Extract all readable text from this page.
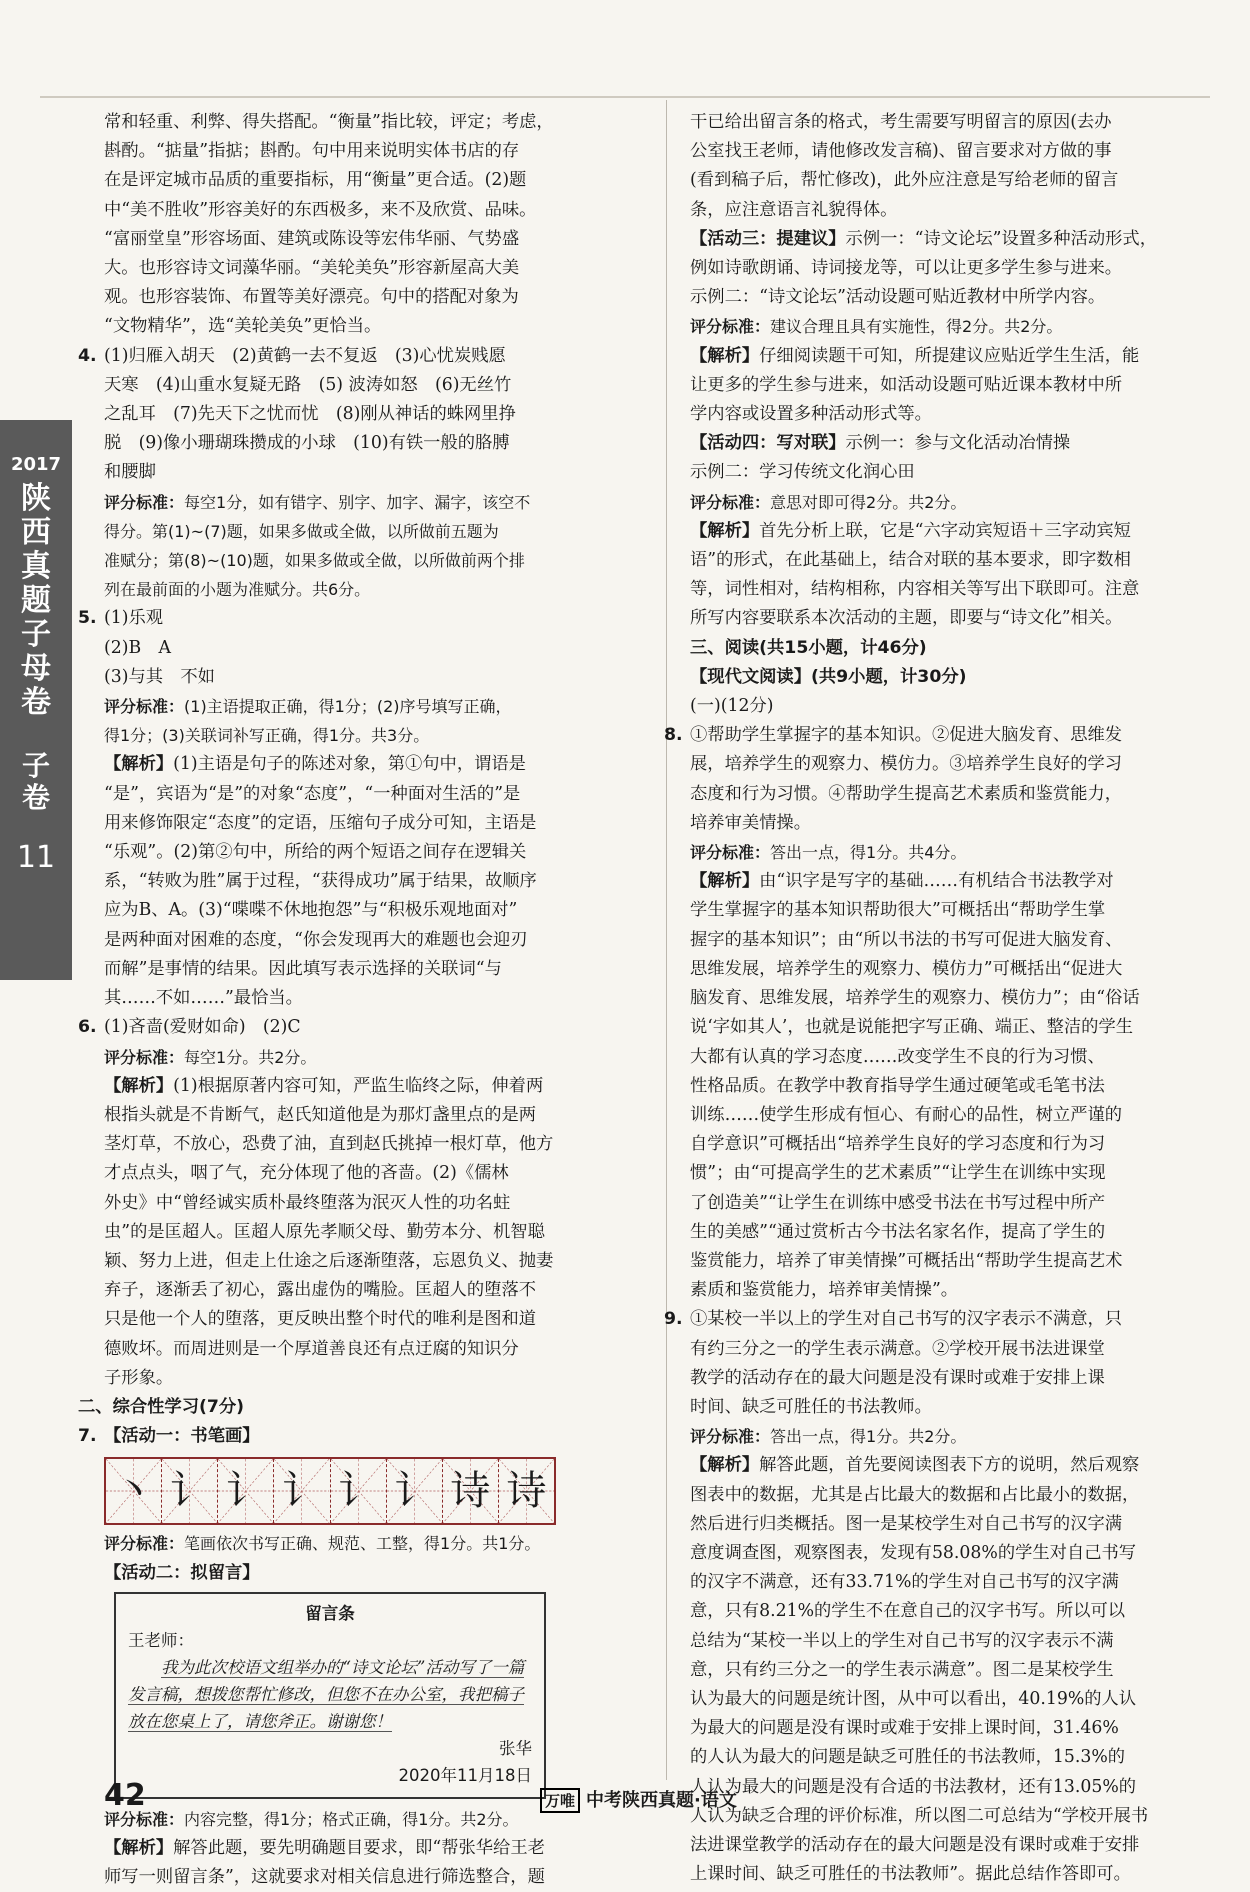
2017
陕
西
真
题
子
母
卷
子
卷
11

常和轻重、利弊、得失搭配。“衡量”指比较，评定；考虑，

斟酌。“掂量”指掂；斟酌。句中用来说明实体书店的存

在是评定城市品质的重要指标，用“衡量”更合适。(2)题

中“美不胜收”形容美好的东西极多，来不及欣赏、品味。

“富丽堂皇”形容场面、建筑或陈设等宏伟华丽、气势盛

大。也形容诗文词藻华丽。“美轮美奂”形容新屋高大美

观。也形容装饰、布置等美好漂亮。句中的搭配对象为

“文物精华”，选“美轮美奂”更恰当。

4. (1)归雁入胡天　(2)黄鹤一去不复返　(3)心忧炭贱愿

天寒　(4)山重水复疑无路　(5) 波涛如怒　(6)无丝竹

之乱耳　(7)先天下之忧而忧　(8)刚从神话的蛛网里挣

脱　(9)像小珊瑚珠攒成的小球　(10)有铁一般的胳膊

和腰脚

评分标准：每空1分，如有错字、别字、加字、漏字，该空不

得分。第(1)~(7)题，如果多做或全做，以所做前五题为

准赋分；第(8)~(10)题，如果多做或全做，以所做前两个排

列在最前面的小题为准赋分。共6分。

5. (1)乐观

(2)B　A

(3)与其　不如

评分标准：(1)主语提取正确，得1分；(2)序号填写正确，

得1分；(3)关联词补写正确，得1分。共3分。

【解析】(1)主语是句子的陈述对象，第①句中，谓语是

“是”，宾语为“是”的对象“态度”，“一种面对生活的”是

用来修饰限定“态度”的定语，压缩句子成分可知，主语是

“乐观”。(2)第②句中，所给的两个短语之间存在逻辑关

系，“转败为胜”属于过程，“获得成功”属于结果，故顺序

应为B、A。(3)“喋喋不休地抱怨”与“积极乐观地面对”

是两种面对困难的态度，“你会发现再大的难题也会迎刃

而解”是事情的结果。因此填写表示选择的关联词“与

其……不如……”最恰当。

6. (1)吝啬(爱财如命)　(2)C

评分标准：每空1分。共2分。

【解析】(1)根据原著内容可知，严监生临终之际，伸着两

根指头就是不肯断气，赵氏知道他是为那灯盏里点的是两

茎灯草，不放心，恐费了油，直到赵氏挑掉一根灯草，他方

才点点头，咽了气，充分体现了他的吝啬。(2)《儒林

外史》中“曾经诚实质朴最终堕落为泯灭人性的功名蛀

虫”的是匡超人。匡超人原先孝顺父母、勤劳本分、机智聪

颖、努力上进，但走上仕途之后逐渐堕落，忘恩负义、抛妻

弃子，逐渐丢了初心，露出虚伪的嘴脸。匡超人的堕落不

只是他一个人的堕落，更反映出整个时代的唯利是图和道

德败坏。而周进则是一个厚道善良还有点迂腐的知识分

子形象。

二、综合性学习(7分)

7. 【活动一：书笔画】

丶 讠 讠 讠 讠 讠 诗 诗

评分标准：笔画依次书写正确、规范、工整，得1分。共1分。

【活动二：拟留言】

留言条
王老师：
我为此次校语文组举办的“诗文论坛”活动写了一篇发言稿，想拨您帮忙修改，但您不在办公室，我把稿子放在您桌上了，请您斧正。谢谢您！
张华
2020年11月18日

评分标准：内容完整，得1分；格式正确，得1分。共2分。

【解析】解答此题，要先明确题目要求，即“帮张华给王老

师写一则留言条”，这就要求对相关信息进行筛选整合，题

干已给出留言条的格式，考生需要写明留言的原因(去办

公室找王老师，请他修改发言稿)、留言要求对方做的事

(看到稿子后，帮忙修改)，此外应注意是写给老师的留言

条，应注意语言礼貌得体。

【活动三：提建议】示例一：“诗文论坛”设置多种活动形式，

例如诗歌朗诵、诗词接龙等，可以让更多学生参与进来。

示例二：“诗文论坛”活动设题可贴近教材中所学内容。

评分标准：建议合理且具有实施性，得2分。共2分。

【解析】仔细阅读题干可知，所提建议应贴近学生生活，能

让更多的学生参与进来，如活动设题可贴近课本教材中所

学内容或设置多种活动形式等。

【活动四：写对联】示例一：参与文化活动冶情操

示例二：学习传统文化润心田

评分标准：意思对即可得2分。共2分。

【解析】首先分析上联，它是“六字动宾短语＋三字动宾短

语”的形式，在此基础上，结合对联的基本要求，即字数相

等，词性相对，结构相称，内容相关等写出下联即可。注意

所写内容要联系本次活动的主题，即要与“诗文化”相关。

三、阅读(共15小题，计46分)

【现代文阅读】(共9小题，计30分)

(一)(12分)

8. ①帮助学生掌握字的基本知识。②促进大脑发育、思维发

展，培养学生的观察力、模仿力。③培养学生良好的学习

态度和行为习惯。④帮助学生提高艺术素质和鉴赏能力，

培养审美情操。

评分标准：答出一点，得1分。共4分。

【解析】由“识字是写字的基础……有机结合书法教学对

学生掌握字的基本知识帮助很大”可概括出“帮助学生掌

握字的基本知识”；由“所以书法的书写可促进大脑发育、

思维发展，培养学生的观察力、模仿力”可概括出“促进大

脑发育、思维发展，培养学生的观察力、模仿力”；由“俗话

说‘字如其人’，也就是说能把字写正确、端正、整洁的学生

大都有认真的学习态度……改变学生不良的行为习惯、

性格品质。在教学中教育指导学生通过硬笔或毛笔书法

训练……使学生形成有恒心、有耐心的品性，树立严谨的

自学意识”可概括出“培养学生良好的学习态度和行为习

惯”；由“可提高学生的艺术素质”“让学生在训练中实现

了创造美”“让学生在训练中感受书法在书写过程中所产

生的美感”“通过赏析古今书法名家名作，提高了学生的

鉴赏能力，培养了审美情操”可概括出“帮助学生提高艺术

素质和鉴赏能力，培养审美情操”。

9. ①某校一半以上的学生对自己书写的汉字表示不满意，只

有约三分之一的学生表示满意。②学校开展书法进课堂

教学的活动存在的最大问题是没有课时或难于安排上课

时间、缺乏可胜任的书法教师。

评分标准：答出一点，得1分。共2分。

【解析】解答此题，首先要阅读图表下方的说明，然后观察

图表中的数据，尤其是占比最大的数据和占比最小的数据，

然后进行归类概括。图一是某校学生对自己书写的汉字满

意度调查图，观察图表，发现有58.08%的学生对自己书写

的汉字不满意，还有33.71%的学生对自己书写的汉字满

意，只有8.21%的学生不在意自己的汉字书写。所以可以

总结为“某校一半以上的学生对自己书写的汉字表示不满

意，只有约三分之一的学生表示满意”。图二是某校学生

认为最大的问题是统计图，从中可以看出，40.19%的人认

为最大的问题是没有课时或难于安排上课时间，31.46%

的人认为最大的问题是缺乏可胜任的书法教师，15.3%的

人认为最大的问题是没有合适的书法教材，还有13.05%的

人认为缺乏合理的评价标准，所以图二可总结为“学校开展书

法进课堂教学的活动存在的最大问题是没有课时或难于安排

上课时间、缺乏可胜任的书法教师”。据此总结作答即可。

42	万唯 中考陕西真题·语文
